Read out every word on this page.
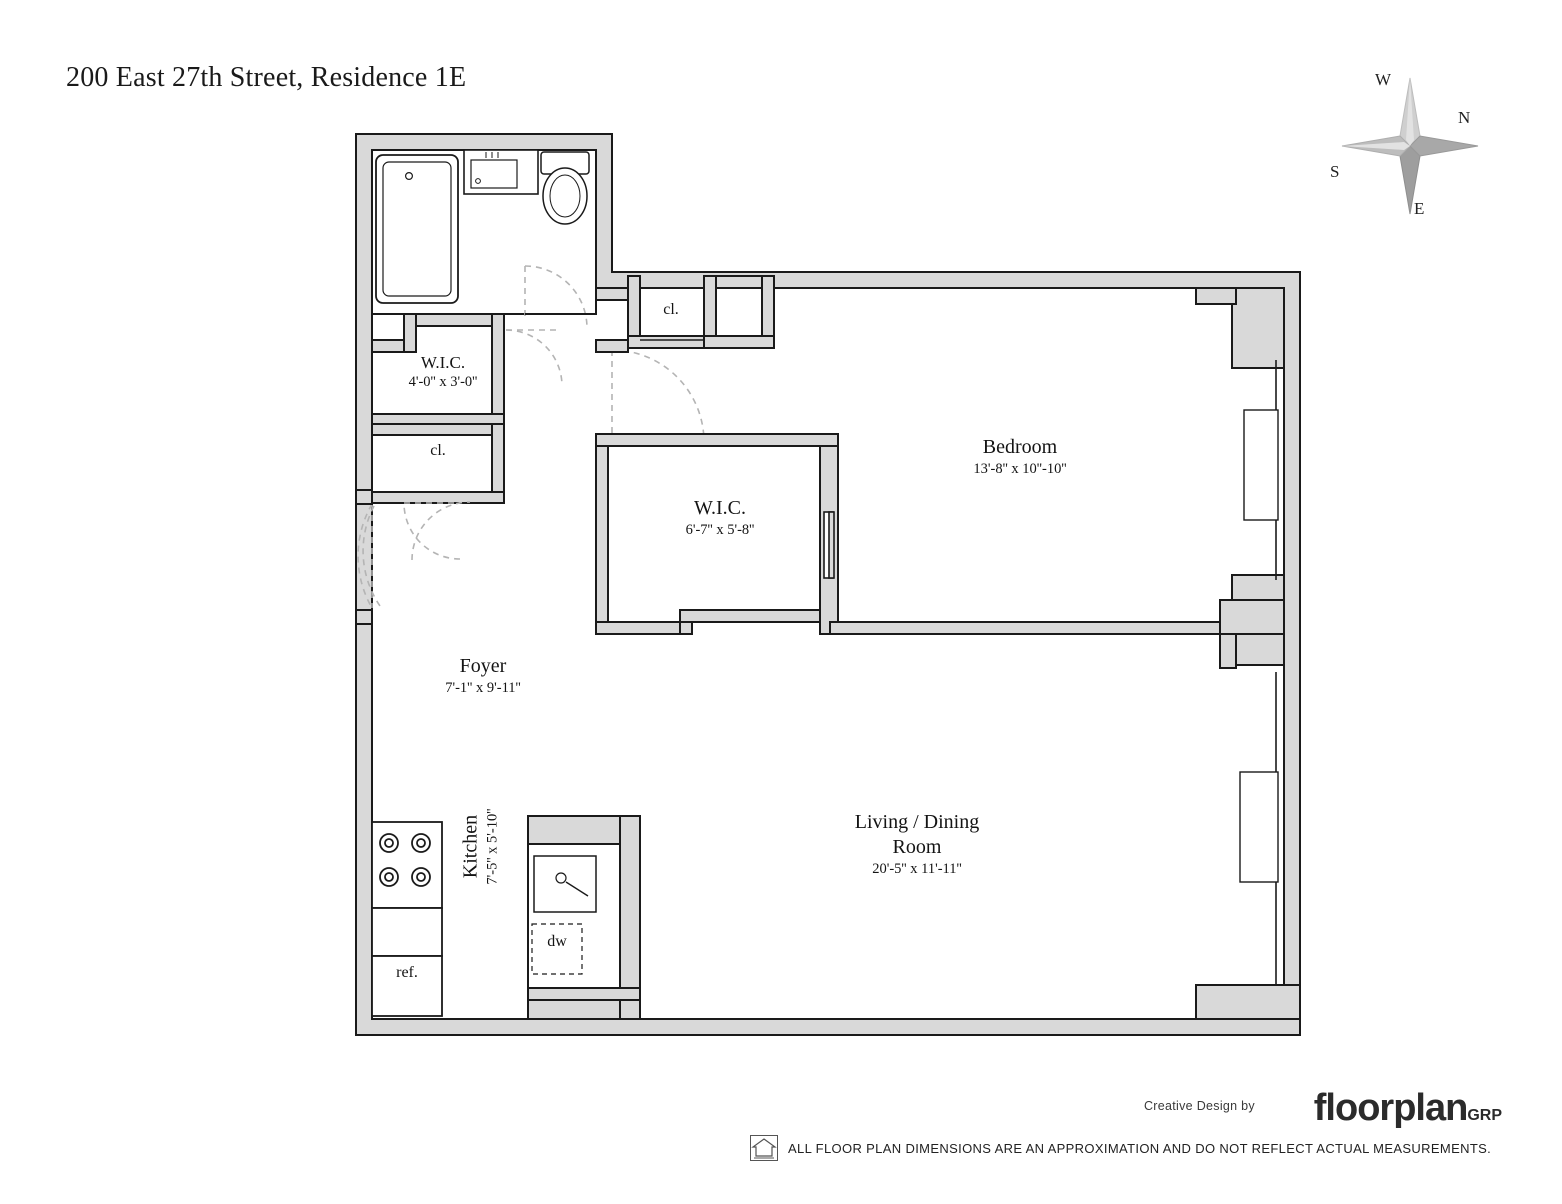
200 East 27th Street, Residence 1E
Bedroom
13'-8'' x 10''-10''
W.I.C.
6'-7'' x 5'-8''
W.I.C.
4'-0'' x 3'-0''
Foyer
7'-1'' x 9'-11''
Living / Dining
Room
20'-5'' x 11'-11''
Kitchen 7'-5'' x 5'-10''
cl.
cl.
ref.
dw
W
N
S
E
Creative Design by floorplanGRP
ALL FLOOR PLAN DIMENSIONS ARE AN APPROXIMATION AND DO NOT REFLECT ACTUAL MEASUREMENTS.
